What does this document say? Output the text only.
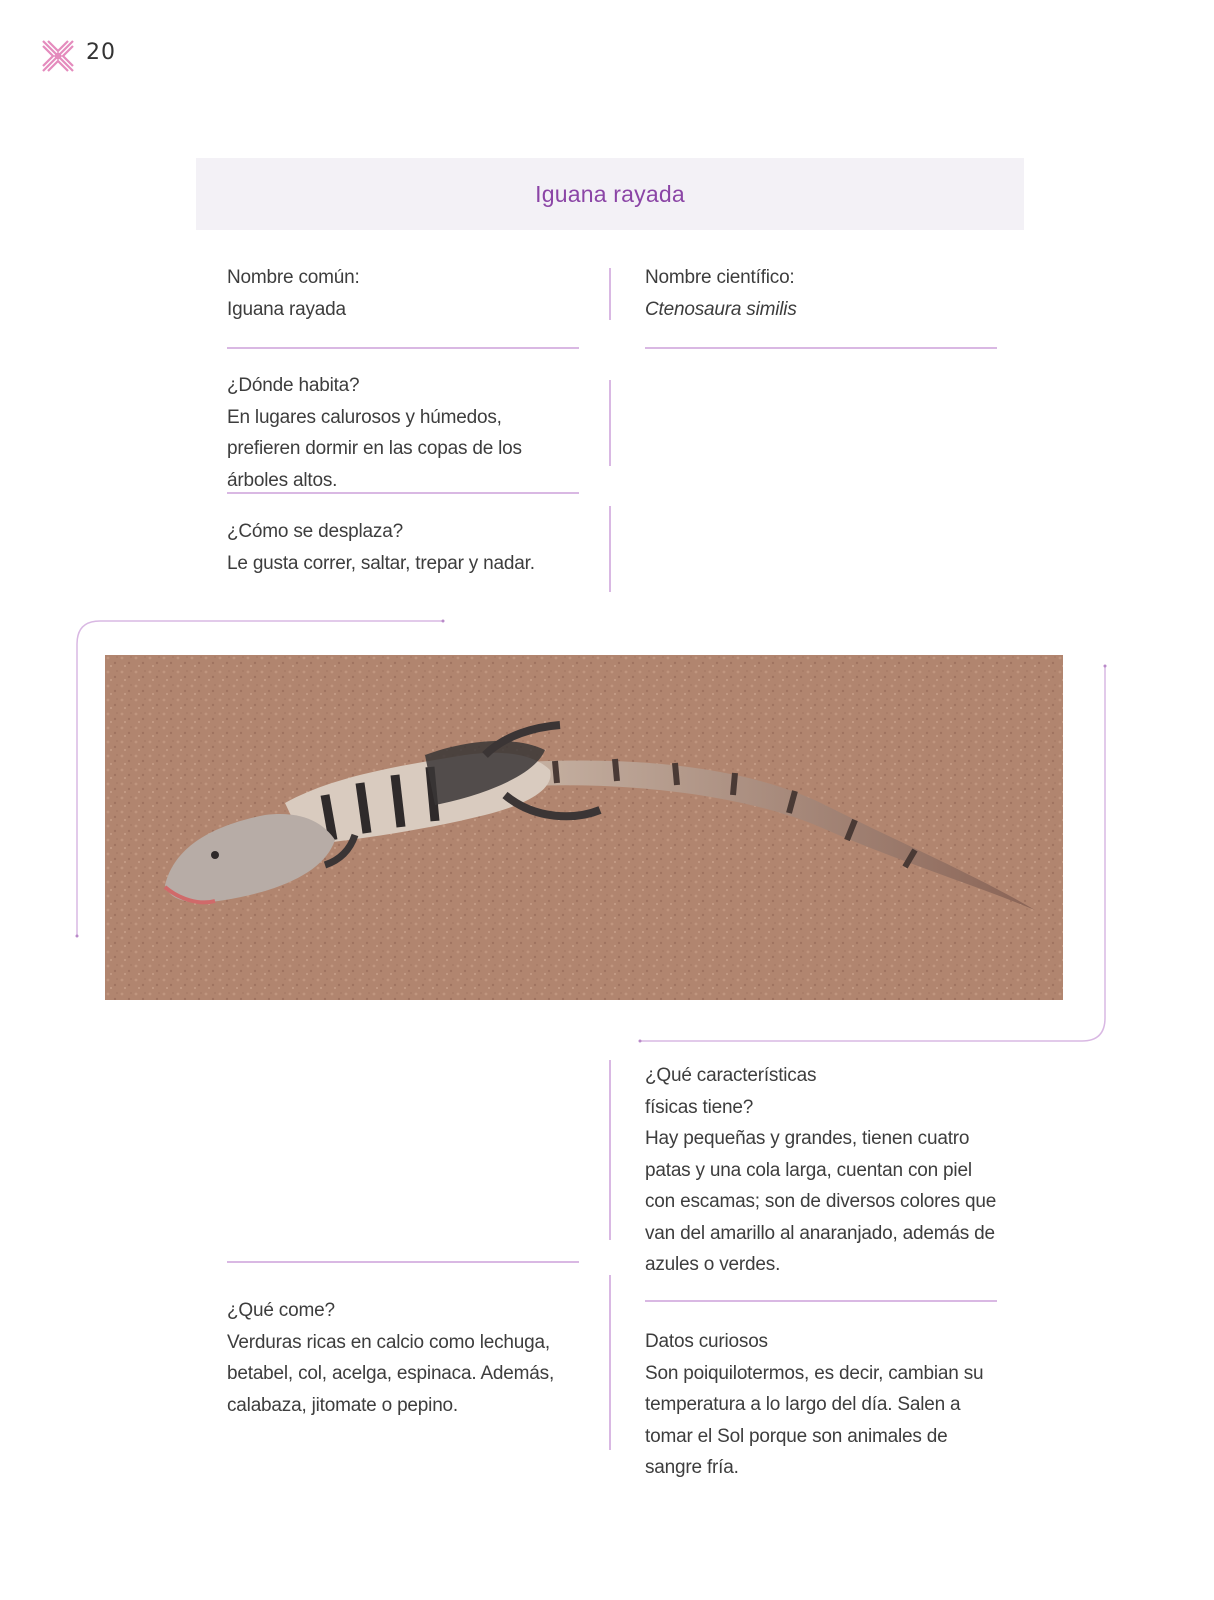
20
Iguana rayada
Nombre común:
Iguana rayada
Nombre científico:
Ctenosaura similis
¿Dónde habita?
En lugares calurosos y húmedos, prefieren dormir en las copas de los árboles altos.
¿Cómo se desplaza?
Le gusta correr, saltar, trepar y nadar.
¿Qué características
físicas tiene?
Hay pequeñas y grandes, tienen cuatro patas y una cola larga, cuentan con piel con escamas; son de diversos colores que van del amarillo al anaranjado, además de azules o verdes.
¿Qué come?
Verduras ricas en calcio como lechuga, betabel, col, acelga, espinaca. Además, calabaza, jitomate o pepino.
Datos curiosos
Son poiquilotermos, es decir, cambian su temperatura a lo largo del día. Salen a tomar el Sol porque son animales de sangre fría.
